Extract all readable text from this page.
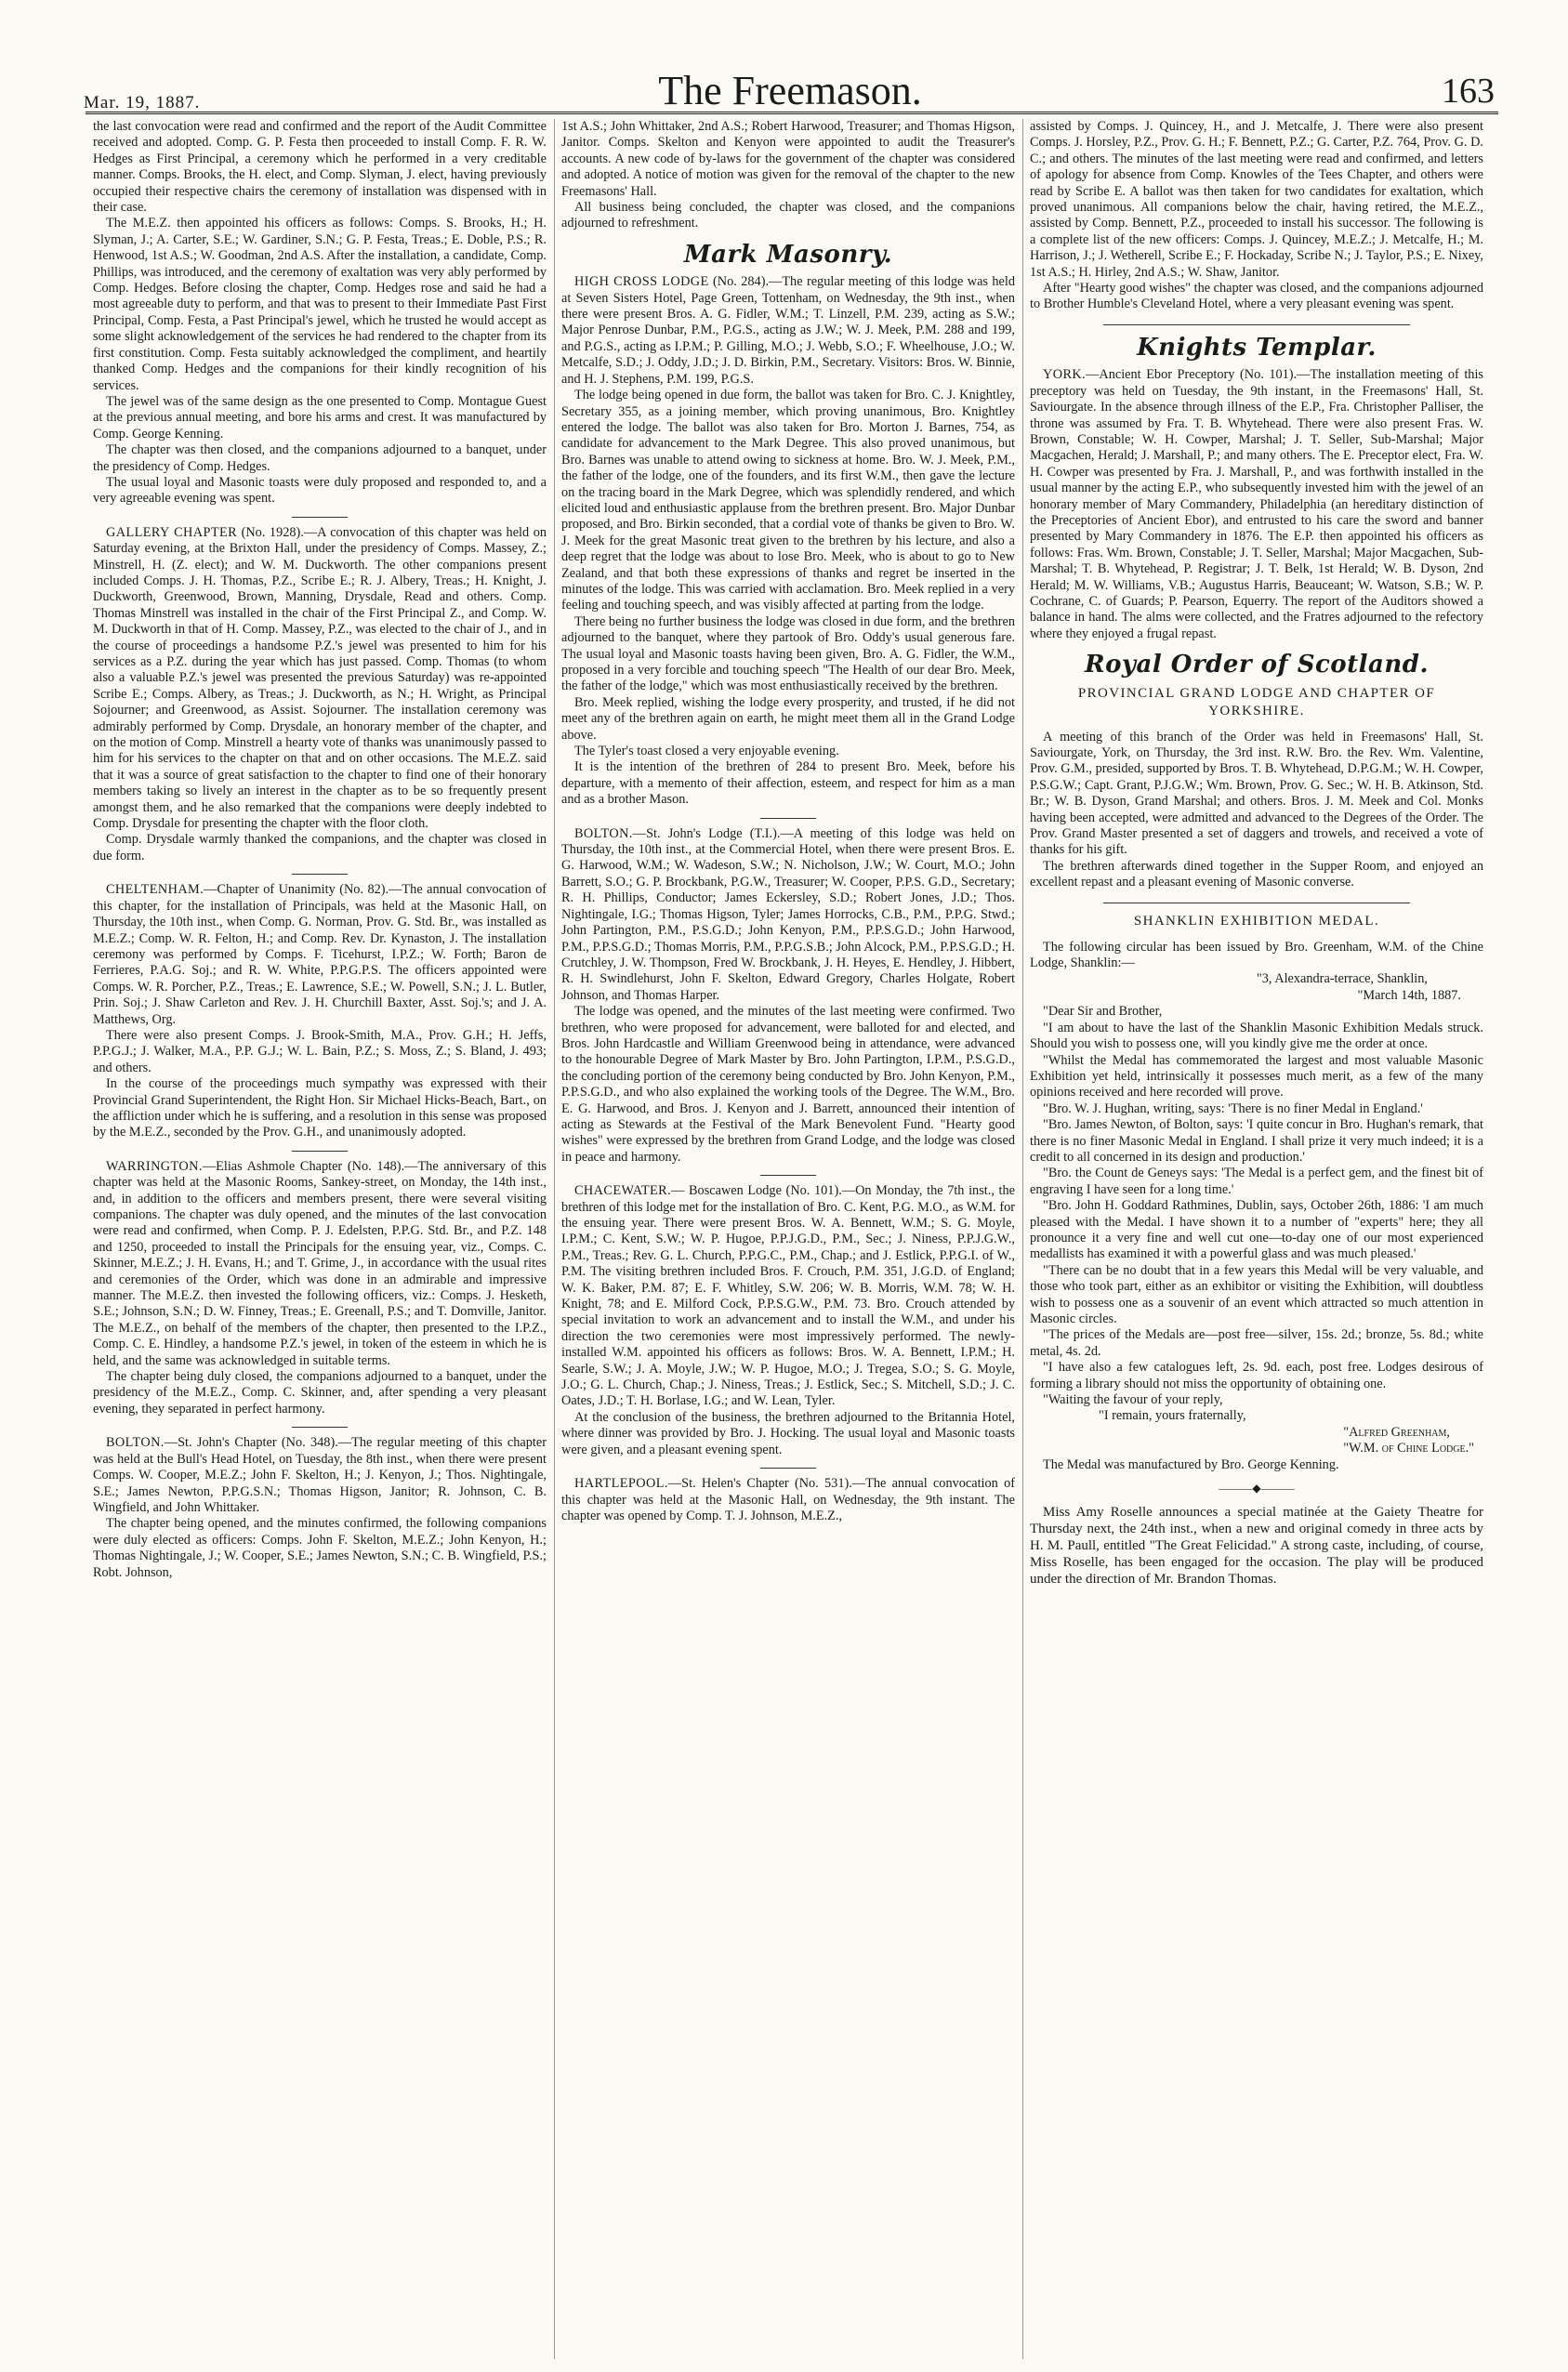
Mar. 19, 1887.	The Freemason.	163

the last convocation were read and confirmed and the report of the Audit Committee received and adopted. Comp. G. P. Festa then proceeded to install Comp. F. R. W. Hedges as First Principal, a ceremony which he performed in a very creditable manner. Comps. Brooks, the H. elect, and Comp. Slyman, J. elect, having previously occupied their respective chairs the ceremony of installation was dispensed with in their case.

The M.E.Z. then appointed his officers as follows: Comps. S. Brooks, H.; H. Slyman, J.; A. Carter, S.E.; W. Gardiner, S.N.; G. P. Festa, Treas.; E. Doble, P.S.; R. Henwood, 1st A.S.; W. Goodman, 2nd A.S. After the installation, a candidate, Comp. Phillips, was introduced, and the ceremony of exaltation was very ably performed by Comp. Hedges. Before closing the chapter, Comp. Hedges rose and said he had a most agreeable duty to perform, and that was to present to their Immediate Past First Principal, Comp. Festa, a Past Principal's jewel, which he trusted he would accept as some slight acknowledgement of the services he had rendered to the chapter from its first constitution. Comp. Festa suitably acknowledged the compliment, and heartily thanked Comp. Hedges and the companions for their kindly recognition of his services.

The jewel was of the same design as the one presented to Comp. Montague Guest at the previous annual meeting, and bore his arms and crest. It was manufactured by Comp. George Kenning.

The chapter was then closed, and the companions adjourned to a banquet, under the presidency of Comp. Hedges.

The usual loyal and Masonic toasts were duly proposed and responded to, and a very agreeable evening was spent.

GALLERY CHAPTER (No. 1928).—A convocation of this chapter was held on Saturday evening, at the Brixton Hall, under the presidency of Comps. Massey, Z.; Minstrell, H. (Z. elect); and W. M. Duckworth. The other companions present included Comps. J. H. Thomas, P.Z., Scribe E.; R. J. Albery, Treas.; H. Knight, J. Duckworth, Greenwood, Brown, Manning, Drysdale, Read and others. Comp. Thomas Minstrell was installed in the chair of the First Principal Z., and Comp. W. M. Duckworth in that of H. Comp. Massey, P.Z., was elected to the chair of J., and in the course of proceedings a handsome P.Z.'s jewel was presented to him for his services as a P.Z. during the year which has just passed. Comp. Thomas (to whom also a valuable P.Z.'s jewel was presented the previous Saturday) was re-appointed Scribe E.; Comps. Albery, as Treas.; J. Duckworth, as N.; H. Wright, as Principal Sojourner; and Greenwood, as Assist. Sojourner. The installation ceremony was admirably performed by Comp. Drysdale, an honorary member of the chapter, and on the motion of Comp. Minstrell a hearty vote of thanks was unanimously passed to him for his services to the chapter on that and on other occasions. The M.E.Z. said that it was a source of great satisfaction to the chapter to find one of their honorary members taking so lively an interest in the chapter as to be so frequently present amongst them, and he also remarked that the companions were deeply indebted to Comp. Drysdale for presenting the chapter with the floor cloth.

Comp. Drysdale warmly thanked the companions, and the chapter was closed in due form.

CHELTENHAM.—Chapter of Unanimity (No. 82).—The annual convocation of this chapter, for the installation of Principals, was held at the Masonic Hall, on Thursday, the 10th inst., when Comp. G. Norman, Prov. G. Std. Br., was installed as M.E.Z.; Comp. W. R. Felton, H.; and Comp. Rev. Dr. Kynaston, J. The installation ceremony was performed by Comps. F. Ticehurst, I.P.Z.; W. Forth; Baron de Ferrieres, P.A.G. Soj.; and R. W. White, P.P.G.P.S. The officers appointed were Comps. W. R. Porcher, P.Z., Treas.; E. Lawrence, S.E.; W. Powell, S.N.; J. L. Butler, Prin. Soj.; J. Shaw Carleton and Rev. J. H. Churchill Baxter, Asst. Soj.'s; and J. A. Matthews, Org.

There were also present Comps. J. Brook-Smith, M.A., Prov. G.H.; H. Jeffs, P.P.G.J.; J. Walker, M.A., P.P. G.J.; W. L. Bain, P.Z.; S. Moss, Z.; S. Bland, J. 493; and others.

In the course of the proceedings much sympathy was expressed with their Provincial Grand Superintendent, the Right Hon. Sir Michael Hicks-Beach, Bart., on the affliction under which he is suffering, and a resolution in this sense was proposed by the M.E.Z., seconded by the Prov. G.H., and unanimously adopted.

WARRINGTON.—Elias Ashmole Chapter (No. 148).—The anniversary of this chapter was held at the Masonic Rooms, Sankey-street, on Monday, the 14th inst., and, in addition to the officers and members present, there were several visiting companions. The chapter was duly opened, and the minutes of the last convocation were read and confirmed, when Comp. P. J. Edelsten, P.P.G. Std. Br., and P.Z. 148 and 1250, proceeded to install the Principals for the ensuing year, viz., Comps. C. Skinner, M.E.Z.; J. H. Evans, H.; and T. Grime, J., in accordance with the usual rites and ceremonies of the Order, which was done in an admirable and impressive manner. The M.E.Z. then invested the following officers, viz.: Comps. J. Hesketh, S.E.; Johnson, S.N.; D. W. Finney, Treas.; E. Greenall, P.S.; and T. Domville, Janitor. The M.E.Z., on behalf of the members of the chapter, then presented to the I.P.Z., Comp. C. E. Hindley, a handsome P.Z.'s jewel, in token of the esteem in which he is held, and the same was acknowledged in suitable terms.

The chapter being duly closed, the companions adjourned to a banquet, under the presidency of the M.E.Z., Comp. C. Skinner, and, after spending a very pleasant evening, they separated in perfect harmony.

BOLTON.—St. John's Chapter (No. 348).—The regular meeting of this chapter was held at the Bull's Head Hotel, on Tuesday, the 8th inst., when there were present Comps. W. Cooper, M.E.Z.; John F. Skelton, H.; J. Kenyon, J.; Thos. Nightingale, S.E.; James Newton, P.P.G.S.N.; Thomas Higson, Janitor; R. Johnson, C. B. Wingfield, and John Whittaker.

The chapter being opened, and the minutes confirmed, the following companions were duly elected as officers: Comps. John F. Skelton, M.E.Z.; John Kenyon, H.; Thomas Nightingale, J.; W. Cooper, S.E.; James Newton, S.N.; C. B. Wingfield, P.S.; Robt. Johnson,

1st A.S.; John Whittaker, 2nd A.S.; Robert Harwood, Treasurer; and Thomas Higson, Janitor. Comps. Skelton and Kenyon were appointed to audit the Treasurer's accounts. A new code of by-laws for the government of the chapter was considered and adopted. A notice of motion was given for the removal of the chapter to the new Freemasons' Hall.

All business being concluded, the chapter was closed, and the companions adjourned to refreshment.

Mark Masonry.

HIGH CROSS LODGE (No. 284).—The regular meeting of this lodge was held at Seven Sisters Hotel, Page Green, Tottenham, on Wednesday, the 9th inst., when there were present Bros. A. G. Fidler, W.M.; T. Linzell, P.M. 239, acting as S.W.; Major Penrose Dunbar, P.M., P.G.S., acting as J.W.; W. J. Meek, P.M. 288 and 199, and P.G.S., acting as I.P.M.; P. Gilling, M.O.; J. Webb, S.O.; F. Wheelhouse, J.O.; W. Metcalfe, S.D.; J. Oddy, J.D.; J. D. Birkin, P.M., Secretary. Visitors: Bros. W. Binnie, and H. J. Stephens, P.M. 199, P.G.S.

The lodge being opened in due form, the ballot was taken for Bro. C. J. Knightley, Secretary 355, as a joining member, which proving unanimous, Bro. Knightley entered the lodge. The ballot was also taken for Bro. Morton J. Barnes, 754, as candidate for advancement to the Mark Degree. This also proved unanimous, but Bro. Barnes was unable to attend owing to sickness at home. Bro. W. J. Meek, P.M., the father of the lodge, one of the founders, and its first W.M., then gave the lecture on the tracing board in the Mark Degree, which was splendidly rendered, and which elicited loud and enthusiastic applause from the brethren present. Bro. Major Dunbar proposed, and Bro. Birkin seconded, that a cordial vote of thanks be given to Bro. W. J. Meek for the great Masonic treat given to the brethren by his lecture, and also a deep regret that the lodge was about to lose Bro. Meek, who is about to go to New Zealand, and that both these expressions of thanks and regret be inserted in the minutes of the lodge. This was carried with acclamation. Bro. Meek replied in a very feeling and touching speech, and was visibly affected at parting from the lodge.

There being no further business the lodge was closed in due form, and the brethren adjourned to the banquet, where they partook of Bro. Oddy's usual generous fare. The usual loyal and Masonic toasts having been given, Bro. A. G. Fidler, the W.M., proposed in a very forcible and touching speech "The Health of our dear Bro. Meek, the father of the lodge," which was most enthusiastically received by the brethren.

Bro. Meek replied, wishing the lodge every prosperity, and trusted, if he did not meet any of the brethren again on earth, he might meet them all in the Grand Lodge above.

The Tyler's toast closed a very enjoyable evening.

It is the intention of the brethren of 284 to present Bro. Meek, before his departure, with a memento of their affection, esteem, and respect for him as a man and as a brother Mason.

BOLTON.—St. John's Lodge (T.I.).—A meeting of this lodge was held on Thursday, the 10th inst., at the Commercial Hotel, when there were present Bros. E. G. Harwood, W.M.; W. Wadeson, S.W.; N. Nicholson, J.W.; W. Court, M.O.; John Barrett, S.O.; G. P. Brockbank, P.G.W., Treasurer; W. Cooper, P.P.S. G.D., Secretary; R. H. Phillips, Conductor; James Eckersley, S.D.; Robert Jones, J.D.; Thos. Nightingale, I.G.; Thomas Higson, Tyler; James Horrocks, C.B., P.M., P.P.G. Stwd.; John Partington, P.M., P.S.G.D.; John Kenyon, P.M., P.P.S.G.D.; John Harwood, P.M., P.P.S.G.D.; Thomas Morris, P.M., P.P.G.S.B.; John Alcock, P.M., P.P.S.G.D.; H. Crutchley, J. W. Thompson, Fred W. Brockbank, J. H. Heyes, E. Hendley, J. Hibbert, R. H. Swindlehurst, John F. Skelton, Edward Gregory, Charles Holgate, Robert Johnson, and Thomas Harper.

The lodge was opened, and the minutes of the last meeting were confirmed. Two brethren, who were proposed for advancement, were balloted for and elected, and Bros. John Hardcastle and William Greenwood being in attendance, were advanced to the honourable Degree of Mark Master by Bro. John Partington, I.P.M., P.S.G.D., the concluding portion of the ceremony being conducted by Bro. John Kenyon, P.M., P.P.S.G.D., and who also explained the working tools of the Degree. The W.M., Bro. E. G. Harwood, and Bros. J. Kenyon and J. Barrett, announced their intention of acting as Stewards at the Festival of the Mark Benevolent Fund. "Hearty good wishes" were expressed by the brethren from Grand Lodge, and the lodge was closed in peace and harmony.

CHACEWATER.— Boscawen Lodge (No. 101).—On Monday, the 7th inst., the brethren of this lodge met for the installation of Bro. C. Kent, P.G. M.O., as W.M. for the ensuing year. There were present Bros. W. A. Bennett, W.M.; S. G. Moyle, I.P.M.; C. Kent, S.W.; W. P. Hugoe, P.P.J.G.D., P.M., Sec.; J. Niness, P.P.J.G.W., P.M., Treas.; Rev. G. L. Church, P.P.G.C., P.M., Chap.; and J. Estlick, P.P.G.I. of W., P.M. The visiting brethren included Bros. F. Crouch, P.M. 351, J.G.D. of England; W. K. Baker, P.M. 87; E. F. Whitley, S.W. 206; W. B. Morris, W.M. 78; W. H. Knight, 78; and E. Milford Cock, P.P.S.G.W., P.M. 73. Bro. Crouch attended by special invitation to work an advancement and to install the W.M., and under his direction the two ceremonies were most impressively performed. The newly-installed W.M. appointed his officers as follows: Bros. W. A. Bennett, I.P.M.; H. Searle, S.W.; J. A. Moyle, J.W.; W. P. Hugoe, M.O.; J. Tregea, S.O.; S. G. Moyle, J.O.; G. L. Church, Chap.; J. Niness, Treas.; J. Estlick, Sec.; S. Mitchell, S.D.; J. C. Oates, J.D.; T. H. Borlase, I.G.; and W. Lean, Tyler.

At the conclusion of the business, the brethren adjourned to the Britannia Hotel, where dinner was provided by Bro. J. Hocking. The usual loyal and Masonic toasts were given, and a pleasant evening spent.

HARTLEPOOL.—St. Helen's Chapter (No. 531).—The annual convocation of this chapter was held at the Masonic Hall, on Wednesday, the 9th instant. The chapter was opened by Comp. T. J. Johnson, M.E.Z.,

assisted by Comps. J. Quincey, H., and J. Metcalfe, J. There were also present Comps. J. Horsley, P.Z., Prov. G. H.; F. Bennett, P.Z.; G. Carter, P.Z. 764, Prov. G. D. C.; and others. The minutes of the last meeting were read and confirmed, and letters of apology for absence from Comp. Knowles of the Tees Chapter, and others were read by Scribe E. A ballot was then taken for two candidates for exaltation, which proved unanimous. All companions below the chair, having retired, the M.E.Z., assisted by Comp. Bennett, P.Z., proceeded to install his successor. The following is a complete list of the new officers: Comps. J. Quincey, M.E.Z.; J. Metcalfe, H.; M. Harrison, J.; J. Wetherell, Scribe E.; F. Hockaday, Scribe N.; J. Taylor, P.S.; E. Nixey, 1st A.S.; H. Hirley, 2nd A.S.; W. Shaw, Janitor.

After "Hearty good wishes" the chapter was closed, and the companions adjourned to Brother Humble's Cleveland Hotel, where a very pleasant evening was spent.

Knights Templar.

YORK.—Ancient Ebor Preceptory (No. 101).—The installation meeting of this preceptory was held on Tuesday, the 9th instant, in the Freemasons' Hall, St. Saviourgate. In the absence through illness of the E.P., Fra. Christopher Palliser, the throne was assumed by Fra. T. B. Whytehead. There were also present Fras. W. Brown, Constable; W. H. Cowper, Marshal; J. T. Seller, Sub-Marshal; Major Macgachen, Herald; J. Marshall, P.; and many others. The E. Preceptor elect, Fra. W. H. Cowper was presented by Fra. J. Marshall, P., and was forthwith installed in the usual manner by the acting E.P., who subsequently invested him with the jewel of an honorary member of Mary Commandery, Philadelphia (an hereditary distinction of the Preceptories of Ancient Ebor), and entrusted to his care the sword and banner presented by Mary Commandery in 1876. The E.P. then appointed his officers as follows: Fras. Wm. Brown, Constable; J. T. Seller, Marshal; Major Macgachen, Sub-Marshal; T. B. Whytehead, P. Registrar; J. T. Belk, 1st Herald; W. B. Dyson, 2nd Herald; M. W. Williams, V.B.; Augustus Harris, Beauceant; W. Watson, S.B.; W. P. Cochrane, C. of Guards; P. Pearson, Equerry. The report of the Auditors showed a balance in hand. The alms were collected, and the Fratres adjourned to the refectory where they enjoyed a frugal repast.

Royal Order of Scotland.
PROVINCIAL GRAND LODGE AND CHAPTER OF YORKSHIRE.

A meeting of this branch of the Order was held in Freemasons' Hall, St. Saviourgate, York, on Thursday, the 3rd inst. R.W. Bro. the Rev. Wm. Valentine, Prov. G.M., presided, supported by Bros. T. B. Whytehead, D.P.G.M.; W. H. Cowper, P.S.G.W.; Capt. Grant, P.J.G.W.; Wm. Brown, Prov. G. Sec.; W. H. B. Atkinson, Std. Br.; W. B. Dyson, Grand Marshal; and others. Bros. J. M. Meek and Col. Monks having been accepted, were admitted and advanced to the Degrees of the Order. The Prov. Grand Master presented a set of daggers and trowels, and received a vote of thanks for his gift.

The brethren afterwards dined together in the Supper Room, and enjoyed an excellent repast and a pleasant evening of Masonic converse.

SHANKLIN EXHIBITION MEDAL.

The following circular has been issued by Bro. Greenham, W.M. of the Chine Lodge, Shanklin:—

"3, Alexandra-terrace, Shanklin,

"March 14th, 1887.

"Dear Sir and Brother,

"I am about to have the last of the Shanklin Masonic Exhibition Medals struck. Should you wish to possess one, will you kindly give me the order at once.

"Whilst the Medal has commemorated the largest and most valuable Masonic Exhibition yet held, intrinsically it possesses much merit, as a few of the many opinions received and here recorded will prove.

"Bro. W. J. Hughan, writing, says: 'There is no finer Medal in England.'

"Bro. James Newton, of Bolton, says: 'I quite concur in Bro. Hughan's remark, that there is no finer Masonic Medal in England. I shall prize it very much indeed; it is a credit to all concerned in its design and production.'

"Bro. the Count de Geneys says: 'The Medal is a perfect gem, and the finest bit of engraving I have seen for a long time.'

"Bro. John H. Goddard Rathmines, Dublin, says, October 26th, 1886: 'I am much pleased with the Medal. I have shown it to a number of "experts" here; they all pronounce it a very fine and well cut one—to-day one of our most experienced medallists has examined it with a powerful glass and was much pleased.'

"There can be no doubt that in a few years this Medal will be very valuable, and those who took part, either as an exhibitor or visiting the Exhibition, will doubtless wish to possess one as a souvenir of an event which attracted so much attention in Masonic circles.

"The prices of the Medals are—post free—silver, 15s. 2d.; bronze, 5s. 8d.; white metal, 4s. 2d.

"I have also a few catalogues left, 2s. 9d. each, post free. Lodges desirous of forming a library should not miss the opportunity of obtaining one.

"Waiting the favour of your reply,

"I remain, yours fraternally,

"Alfred Greenham,

"W.M. of Chine Lodge."

The Medal was manufactured by Bro. George Kenning.

———◆———

Miss Amy Roselle announces a special matinée at the Gaiety Theatre for Thursday next, the 24th inst., when a new and original comedy in three acts by H. M. Paull, entitled "The Great Felicidad." A strong caste, including, of course, Miss Roselle, has been engaged for the occasion. The play will be produced under the direction of Mr. Brandon Thomas.
